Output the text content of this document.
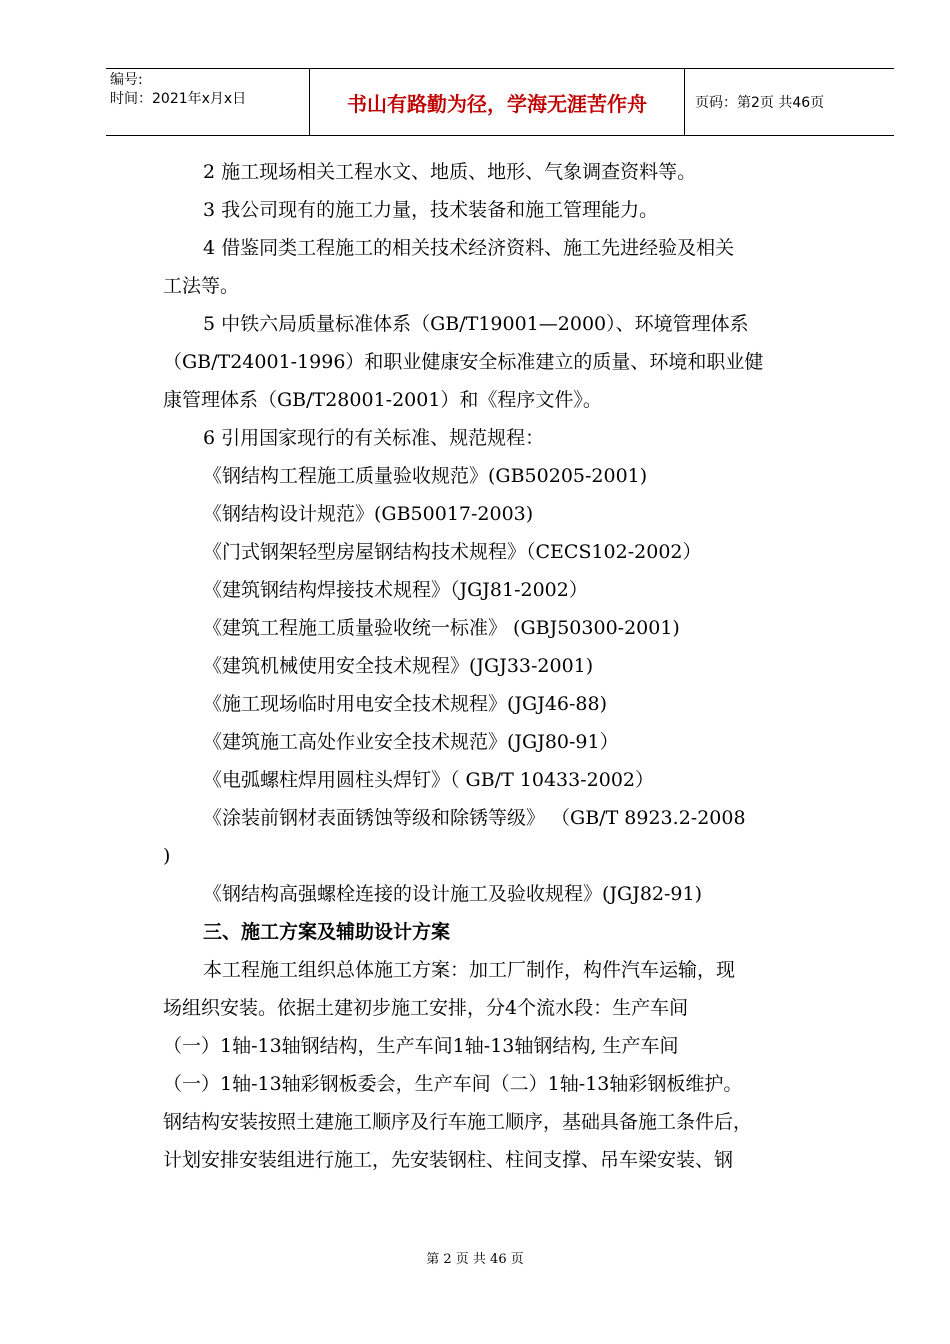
编号:
时间：2021年x月x日	书山有路勤为径，学海无涯苦作舟	页码：第2页 共46页

2 施工现场相关工程水文、地质、地形、气象调查资料等。

3 我公司现有的施工力量，技术装备和施工管理能力。

4 借鉴同类工程施工的相关技术经济资料、施工先进经验及相关

工法等。

5 中铁六局质量标准体系（GB/T19001—2000）、环境管理体系

（GB/T24001-1996）和职业健康安全标准建立的质量、环境和职业健

康管理体系（GB/T28001-2001）和《程序文件》。

6 引用国家现行的有关标准、规范规程：

《钢结构工程施工质量验收规范》(GB50205-2001)

《钢结构设计规范》(GB50017-2003)

《门式钢架轻型房屋钢结构技术规程》（CECS102-2002）

《建筑钢结构焊接技术规程》（JGJ81-2002）

《建筑工程施工质量验收统一标准》 (GBJ50300-2001)

《建筑机械使用安全技术规程》(JGJ33-2001)

《施工现场临时用电安全技术规程》(JGJ46-88)

《建筑施工高处作业安全技术规范》(JGJ80-91）

《电弧螺柱焊用圆柱头焊钉》（ GB/T 10433-2002）

《涂装前钢材表面锈蚀等级和除锈等级》 （GB/T 8923.2-2008

)

《钢结构高强螺栓连接的设计施工及验收规程》(JGJ82-91)

三、施工方案及辅助设计方案

本工程施工组织总体施工方案：加工厂制作，构件汽车运输，现

场组织安装。依据土建初步施工安排，分4个流水段：生产车间

（一）1轴-13轴钢结构，生产车间1轴-13轴钢结构, 生产车间

（一）1轴-13轴彩钢板委会，生产车间（二）1轴-13轴彩钢板维护。

钢结构安装按照土建施工顺序及行车施工顺序，基础具备施工条件后，

计划安排安装组进行施工，先安装钢柱、柱间支撑、吊车梁安装、钢

第 2 页 共 46 页
